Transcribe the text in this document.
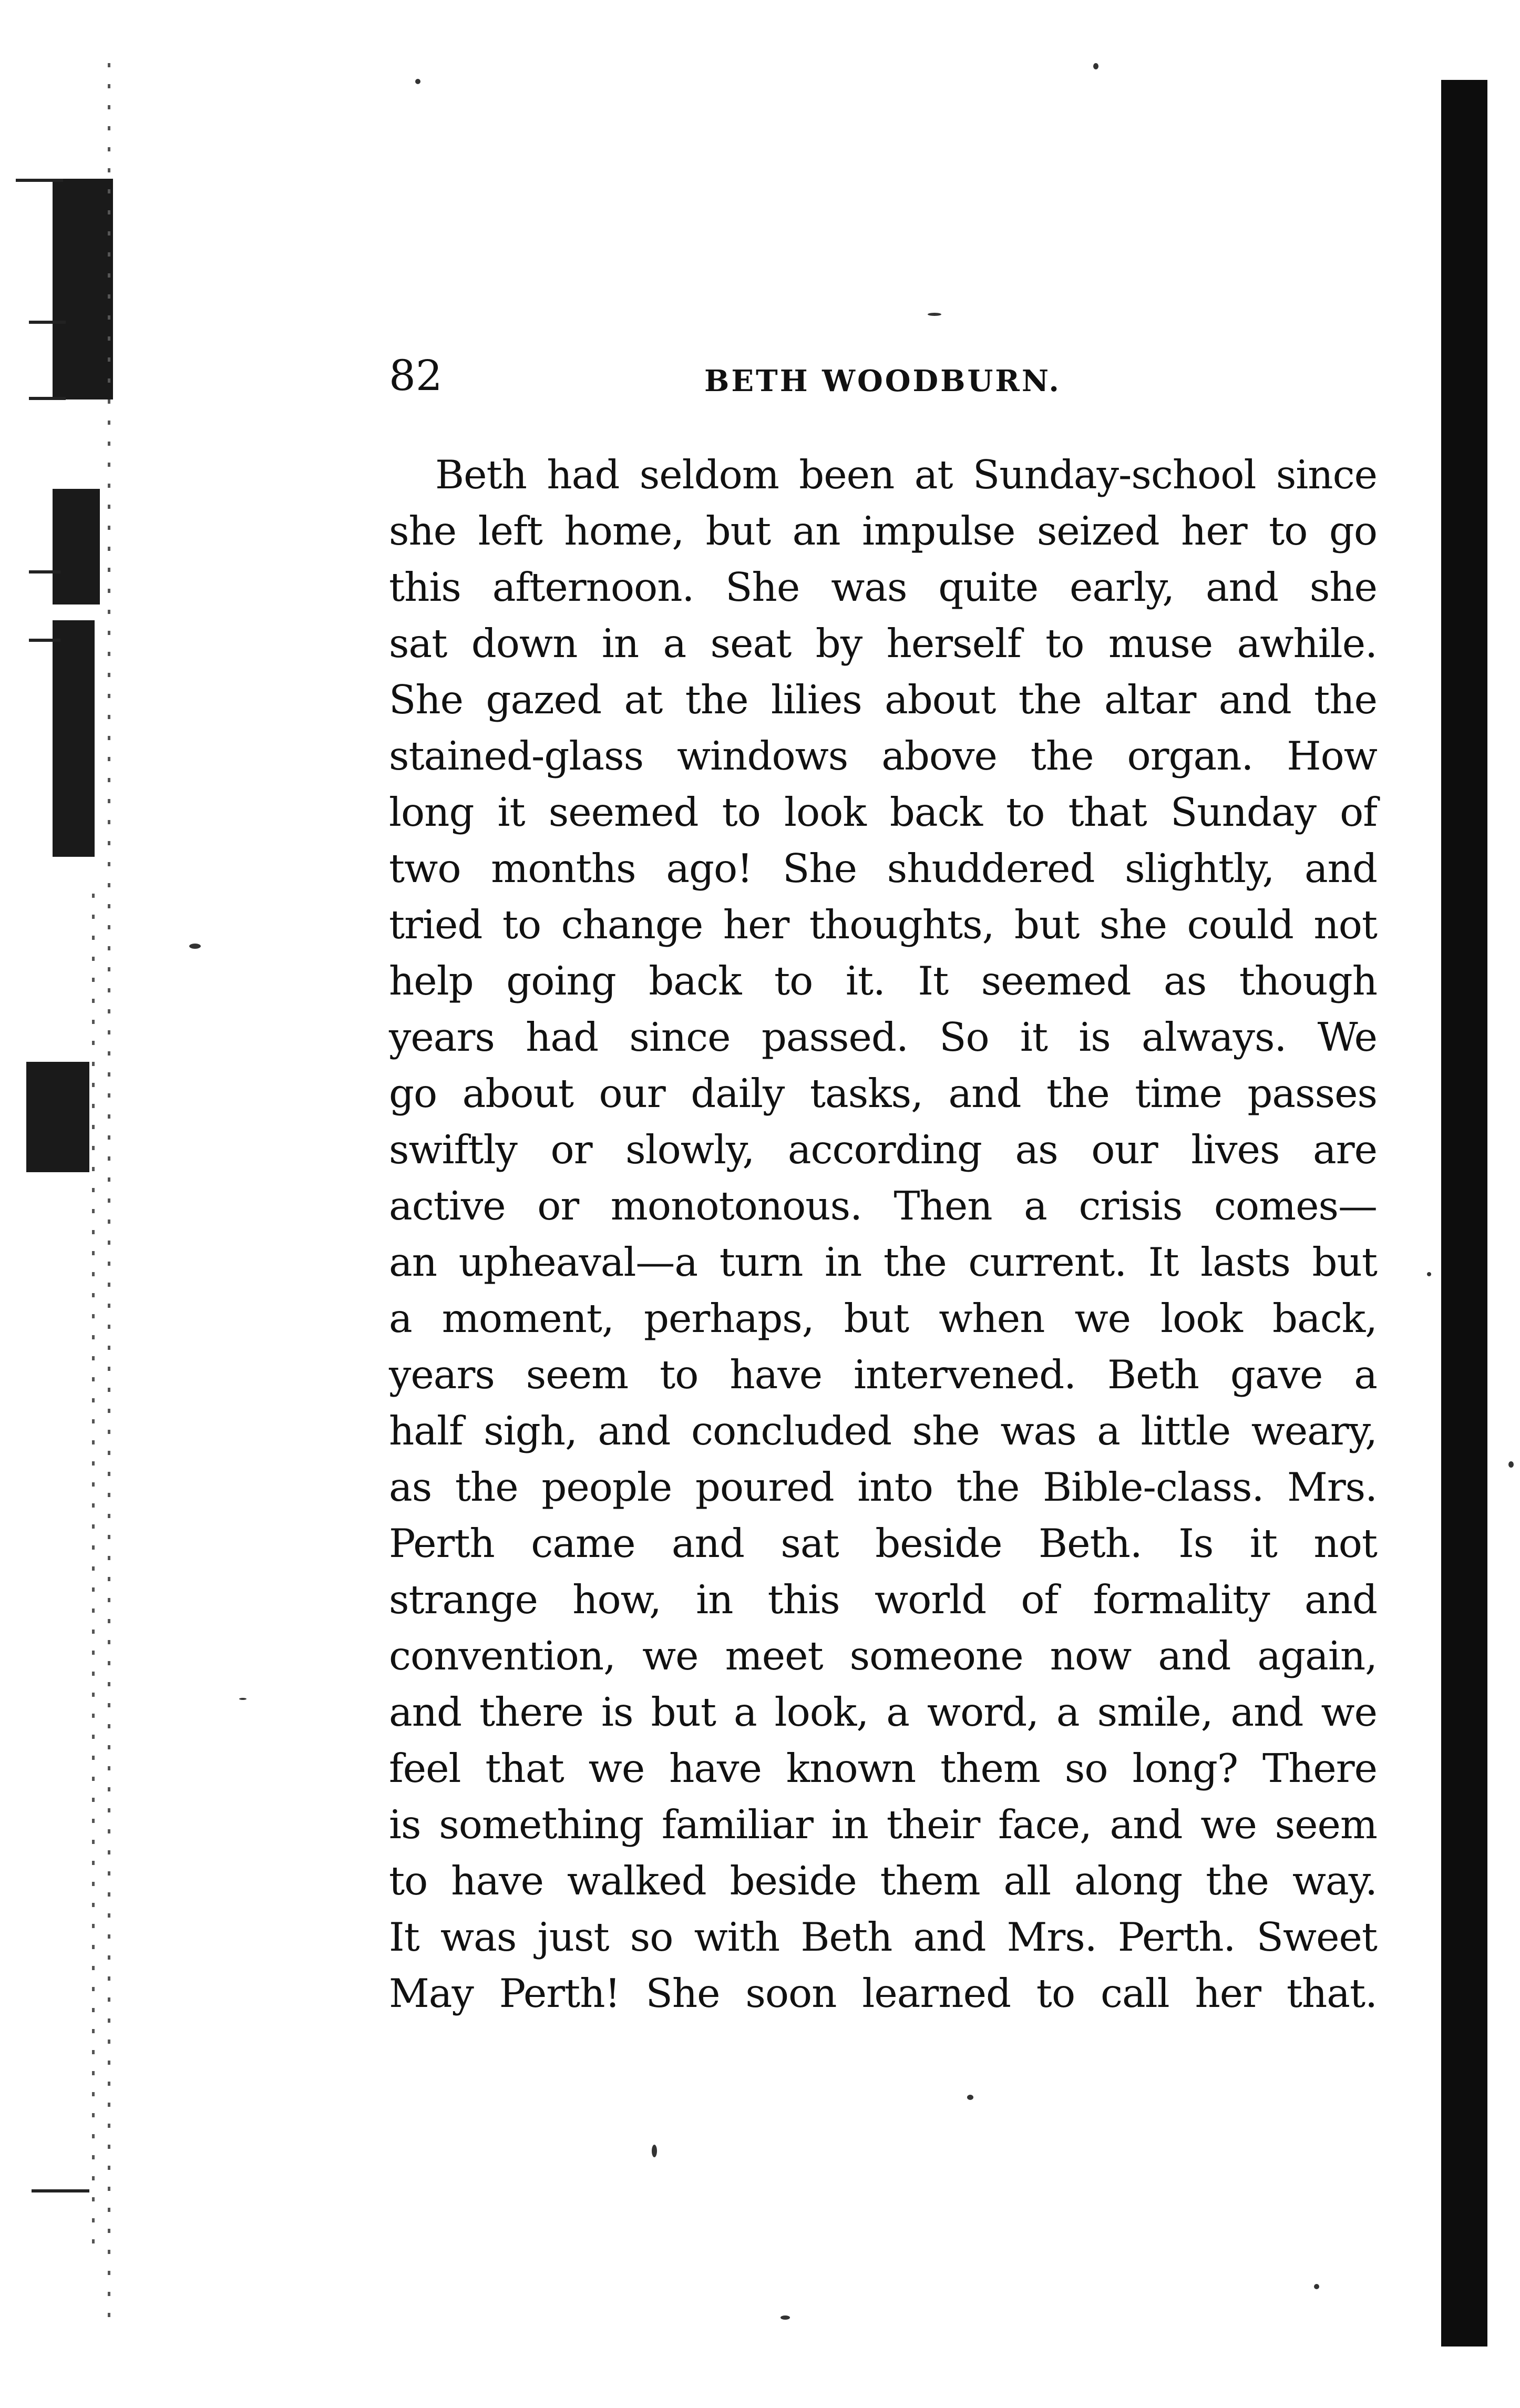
82	BETH WOODBURN.
Beth had seldom been at Sunday-school since
she left home, but an impulse seized her to go
this afternoon. She was quite early, and she
sat down in a seat by herself to muse awhile.
She gazed at the lilies about the altar and the
stained-glass windows above the organ. How
long it seemed to look back to that Sunday of
two months ago! She shuddered slightly, and
tried to change her thoughts, but she could not
help going back to it. It seemed as though
years had since passed. So it is always. We
go about our daily tasks, and the time passes
swiftly or slowly, according as our lives are
active or monotonous. Then a crisis comes—
an upheaval—a turn in the current. It lasts but
a moment, perhaps, but when we look back,
years seem to have intervened. Beth gave a
half sigh, and concluded she was a little weary,
as the people poured into the Bible-class. Mrs.
Perth came and sat beside Beth. Is it not
strange how, in this world of formality and
convention, we meet someone now and again,
and there is but a look, a word, a smile, and we
feel that we have known them so long? There
is something familiar in their face, and we seem
to have walked beside them all along the way.
It was just so with Beth and Mrs. Perth. Sweet
May Perth! She soon learned to call her that.
